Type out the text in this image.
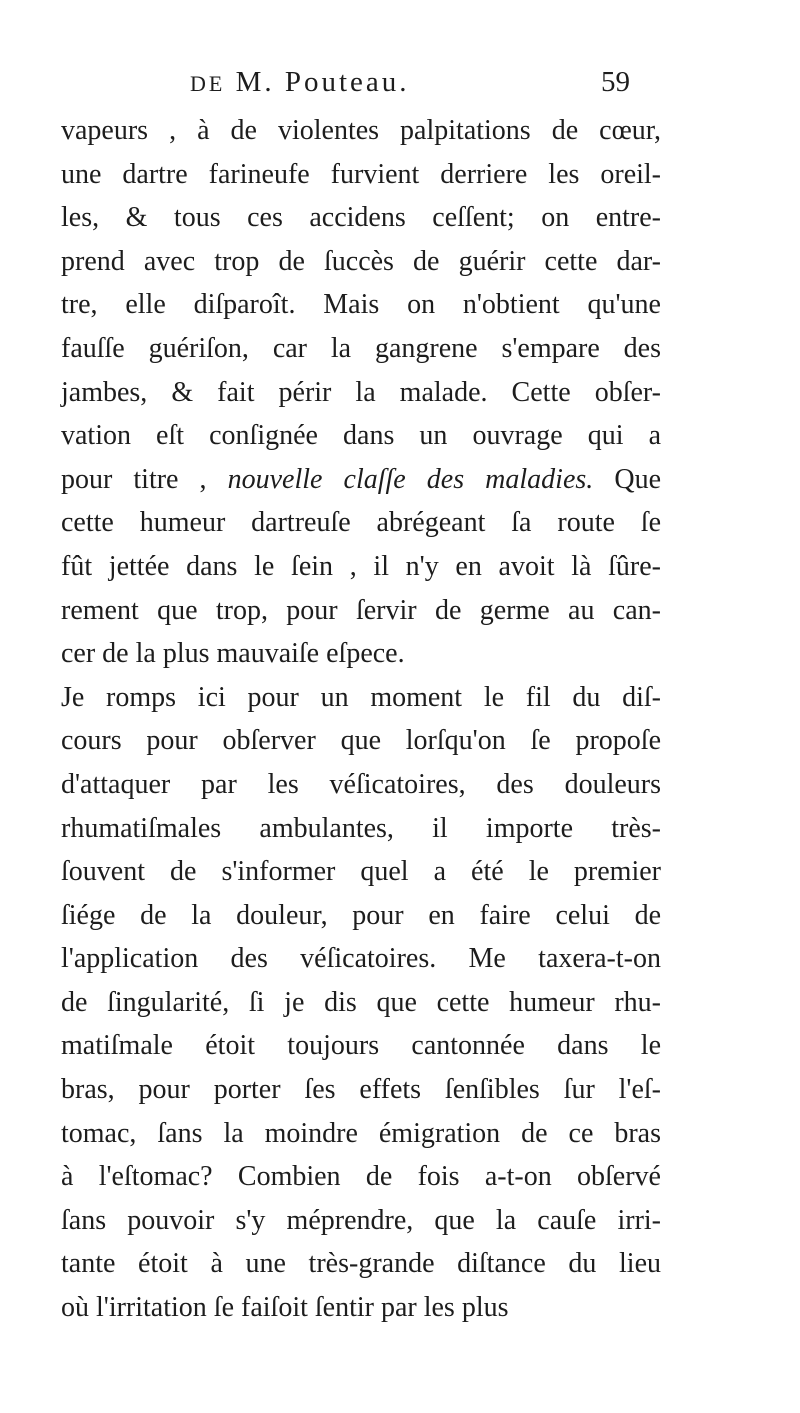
DE M. Pouteau.	59
vapeurs , à de violentes palpitations de cœur,
une dartre farineufe furvient derriere les oreil-
les, & tous ces accidens ceſſent; on entre-
prend avec trop de ſuccès de guérir cette dar-
tre, elle diſparoît. Mais on n'obtient qu'une
fauſſe guériſon, car la gangrene s'empare des
jambes, & fait périr la malade. Cette obſer-
vation eſt conſignée dans un ouvrage qui a
pour titre , nouvelle claſſe des maladies. Que
cette humeur dartreuſe abrégeant ſa route ſe
fût jettée dans le ſein , il n'y en avoit là ſûre-
rement que trop, pour ſervir de germe au can-
cer de la plus mauvaiſe eſpece.
Je romps ici pour un moment le fil du diſ-
cours pour obſerver que lorſqu'on ſe propoſe
d'attaquer par les véſicatoires, des douleurs
rhumatiſmales ambulantes, il importe très-
ſouvent de s'informer quel a été le premier
ſiége de la douleur, pour en faire celui de
l'application des véſicatoires. Me taxera-t-on
de ſingularité, ſi je dis que cette humeur rhu-
matiſmale étoit toujours cantonnée dans le
bras, pour porter ſes effets ſenſibles ſur l'eſ-
tomac, ſans la moindre émigration de ce bras
à l'eſtomac? Combien de fois a-t-on obſervé
ſans pouvoir s'y méprendre, que la cauſe irri-
tante étoit à une très-grande diſtance du lieu
où l'irritation ſe faiſoit ſentir par les plus
